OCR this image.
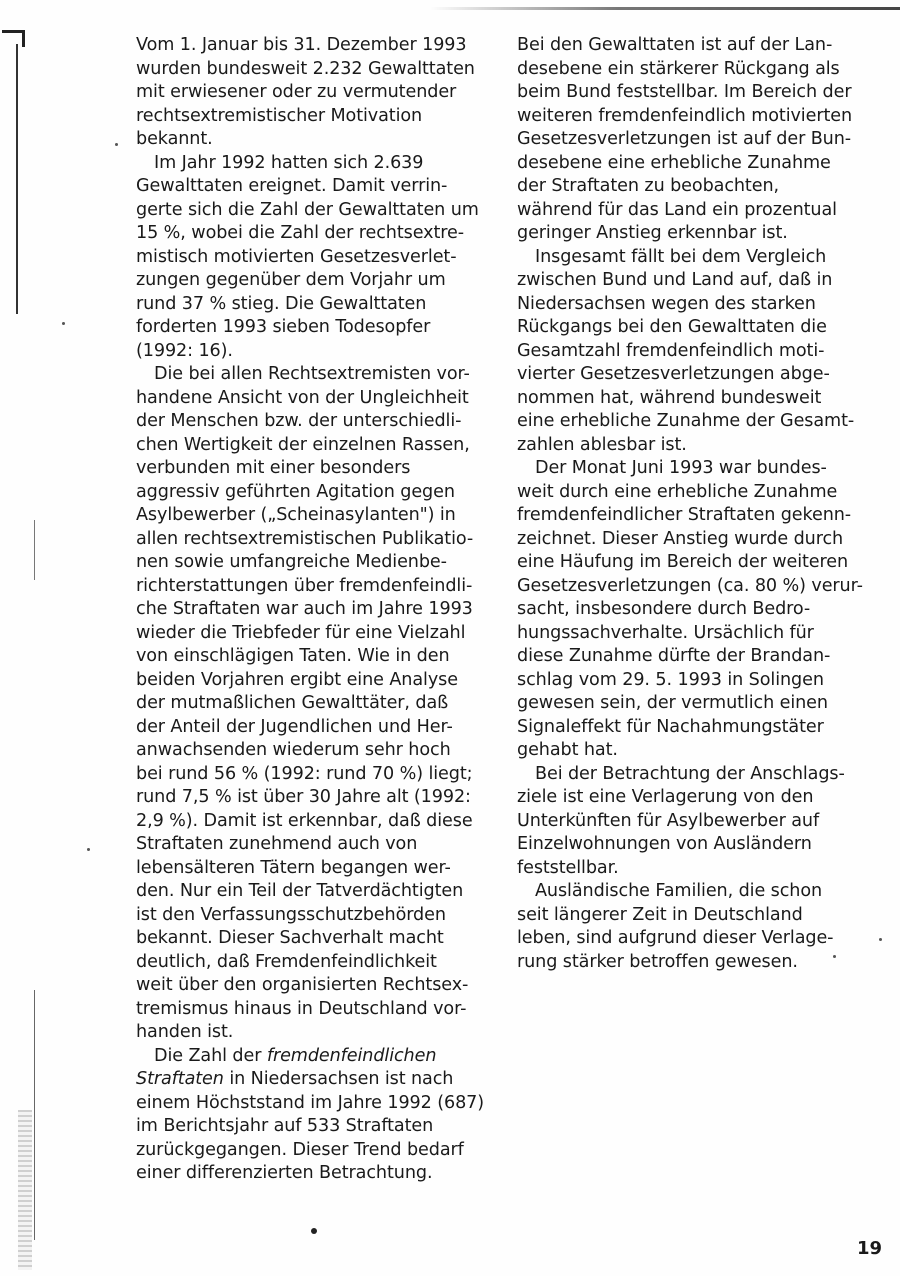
Vom 1. Januar bis 31. Dezember 1993
wurden bundesweit 2.232 Gewalttaten
mit erwiesener oder zu vermutender
rechtsextremistischer Motivation
bekannt.
Im Jahr 1992 hatten sich 2.639
Gewalttaten ereignet. Damit verrin-
gerte sich die Zahl der Gewalttaten um
15 %, wobei die Zahl der rechtsextre-
mistisch motivierten Gesetzesverlet-
zungen gegenüber dem Vorjahr um
rund 37 % stieg. Die Gewalttaten
forderten 1993 sieben Todesopfer
(1992: 16).
Die bei allen Rechtsextremisten vor-
handene Ansicht von der Ungleichheit
der Menschen bzw. der unterschiedli-
chen Wertigkeit der einzelnen Rassen,
verbunden mit einer besonders
aggressiv geführten Agitation gegen
Asylbewerber („Scheinasylanten") in
allen rechtsextremistischen Publikatio-
nen sowie umfangreiche Medienbe-
richterstattungen über fremdenfeindli-
che Straftaten war auch im Jahre 1993
wieder die Triebfeder für eine Vielzahl
von einschlägigen Taten. Wie in den
beiden Vorjahren ergibt eine Analyse
der mutmaßlichen Gewalttäter, daß
der Anteil der Jugendlichen und Her-
anwachsenden wiederum sehr hoch
bei rund 56 % (1992: rund 70 %) liegt;
rund 7,5 % ist über 30 Jahre alt (1992:
2,9 %). Damit ist erkennbar, daß diese
Straftaten zunehmend auch von
lebensälteren Tätern begangen wer-
den. Nur ein Teil der Tatverdächtigten
ist den Verfassungsschutzbehörden
bekannt. Dieser Sachverhalt macht
deutlich, daß Fremdenfeindlichkeit
weit über den organisierten Rechtsex-
tremismus hinaus in Deutschland vor-
handen ist.
Die Zahl der fremdenfeindlichen
Straftaten in Niedersachsen ist nach
einem Höchststand im Jahre 1992 (687)
im Berichtsjahr auf 533 Straftaten
zurückgegangen. Dieser Trend bedarf
einer differenzierten Betrachtung.
Bei den Gewalttaten ist auf der Lan-
desebene ein stärkerer Rückgang als
beim Bund feststellbar. Im Bereich der
weiteren fremdenfeindlich motivierten
Gesetzesverletzungen ist auf der Bun-
desebene eine erhebliche Zunahme
der Straftaten zu beobachten,
während für das Land ein prozentual
geringer Anstieg erkennbar ist.
Insgesamt fällt bei dem Vergleich
zwischen Bund und Land auf, daß in
Niedersachsen wegen des starken
Rückgangs bei den Gewalttaten die
Gesamtzahl fremdenfeindlich moti-
vierter Gesetzesverletzungen abge-
nommen hat, während bundesweit
eine erhebliche Zunahme der Gesamt-
zahlen ablesbar ist.
Der Monat Juni 1993 war bundes-
weit durch eine erhebliche Zunahme
fremdenfeindlicher Straftaten gekenn-
zeichnet. Dieser Anstieg wurde durch
eine Häufung im Bereich der weiteren
Gesetzesverletzungen (ca. 80 %) verur-
sacht, insbesondere durch Bedro-
hungssachverhalte. Ursächlich für
diese Zunahme dürfte der Brandan-
schlag vom 29. 5. 1993 in Solingen
gewesen sein, der vermutlich einen
Signaleffekt für Nachahmungstäter
gehabt hat.
Bei der Betrachtung der Anschlags-
ziele ist eine Verlagerung von den
Unterkünften für Asylbewerber auf
Einzelwohnungen von Ausländern
feststellbar.
Ausländische Familien, die schon
seit längerer Zeit in Deutschland
leben, sind aufgrund dieser Verlage-
rung stärker betroffen gewesen.
19
